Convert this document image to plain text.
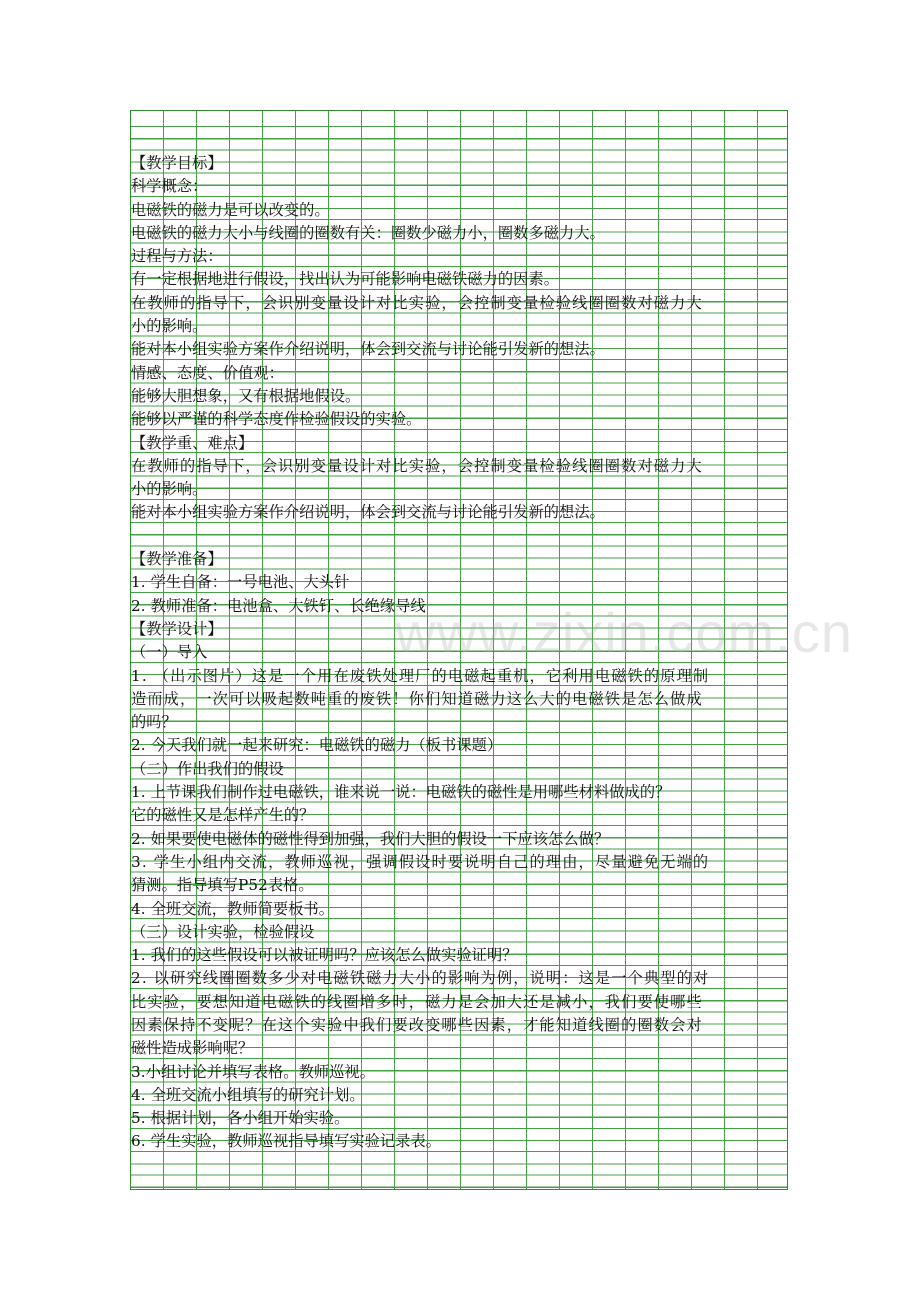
【教学目标】
科学概念：
电磁铁的磁力是可以改变的。
电磁铁的磁力大小与线圈的圈数有关：圈数少磁力小，圈数多磁力大。
过程与方法：
有一定根据地进行假设，找出认为可能影响电磁铁磁力的因素。
在教师的指导下，会识别变量设计对比实验，会控制变量检验线圈圈数对磁力大
小的影响。
能对本小组实验方案作介绍说明，体会到交流与讨论能引发新的想法。
情感、态度、价值观：
能够大胆想象，又有根据地假设。
能够以严谨的科学态度作检验假设的实验。
【教学重、难点】
在教师的指导下，会识别变量设计对比实验，会控制变量检验线圈圈数对磁力大
小的影响。
能对本小组实验方案作介绍说明，体会到交流与讨论能引发新的想法。
【教学准备】
1. 学生自备：一号电池、大头针
2. 教师准备：电池盒、大铁钉、长绝缘导线
【教学设计】
（一）导入
1. （出示图片）这是一个用在废铁处理厂的电磁起重机，它利用电磁铁的原理制
造而成，一次可以吸起数吨重的废铁！你们知道磁力这么大的电磁铁是怎么做成
的吗？
2. 今天我们就一起来研究：电磁铁的磁力（板书课题）
（二）作出我们的假设
1. 上节课我们制作过电磁铁，谁来说一说：电磁铁的磁性是用哪些材料做成的？
它的磁性又是怎样产生的？
2. 如果要使电磁体的磁性得到加强，我们大胆的假设一下应该怎么做？
3. 学生小组内交流，教师巡视，强调假设时要说明自己的理由，尽量避免无端的
猜测。指导填写P52表格。
4. 全班交流，教师简要板书。
（三）设计实验，检验假设
1. 我们的这些假设可以被证明吗？应该怎么做实验证明？
2. 以研究线圈圈数多少对电磁铁磁力大小的影响为例，说明：这是一个典型的对
比实验，要想知道电磁铁的线圈增多时，磁力是会加大还是减小，我们要使哪些
因素保持不变呢？在这个实验中我们要改变哪些因素，才能知道线圈的圈数会对
磁性造成影响呢？
3.小组讨论并填写表格。教师巡视。
4. 全班交流小组填写的研究计划。
5. 根据计划，各小组开始实验。
6. 学生实验，教师巡视指导填写实验记录表。
www.zixin.com.cn
